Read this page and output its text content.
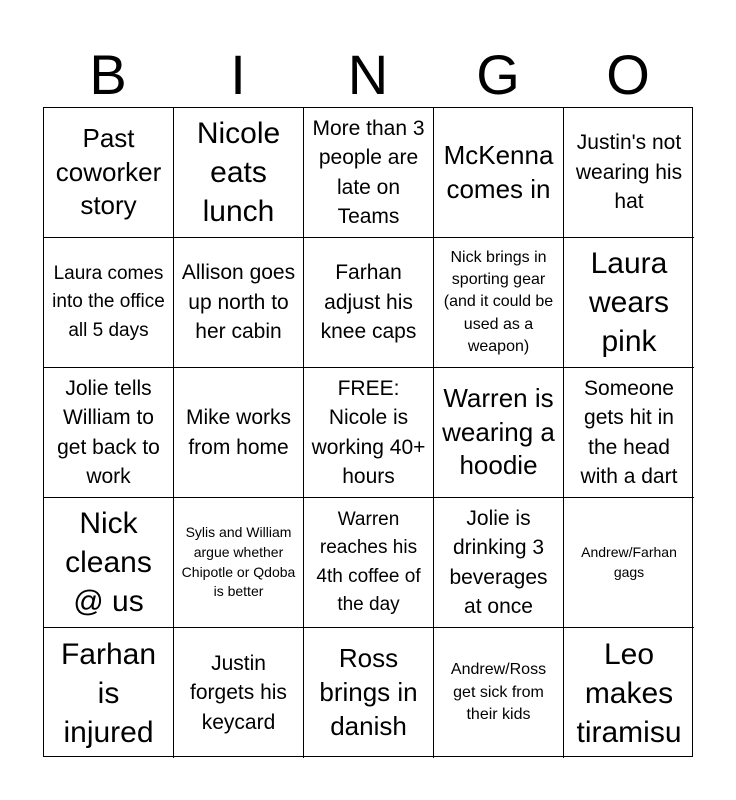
B	I	N	G	O
Past coworker story
Nicole eats lunch
More than 3 people are late on Teams
McKenna comes in
Justin's not wearing his hat
Laura comes into the office all 5 days
Allison goes up north to her cabin
Farhan adjust his knee caps
Nick brings in sporting gear (and it could be used as a weapon)
Laura wears pink
Jolie tells William to get back to work
Mike works from home
FREE: Nicole is working 40+ hours
Warren is wearing a hoodie
Someone gets hit in the head with a dart
Nick cleans @ us
Sylis and William argue whether Chipotle or Qdoba is better
Warren reaches his 4th coffee of the day
Jolie is drinking 3 beverages at once
Andrew/Farhan gags
Farhan is injured
Justin forgets his keycard
Ross brings in danish
Andrew/Ross get sick from their kids
Leo makes tiramisu
